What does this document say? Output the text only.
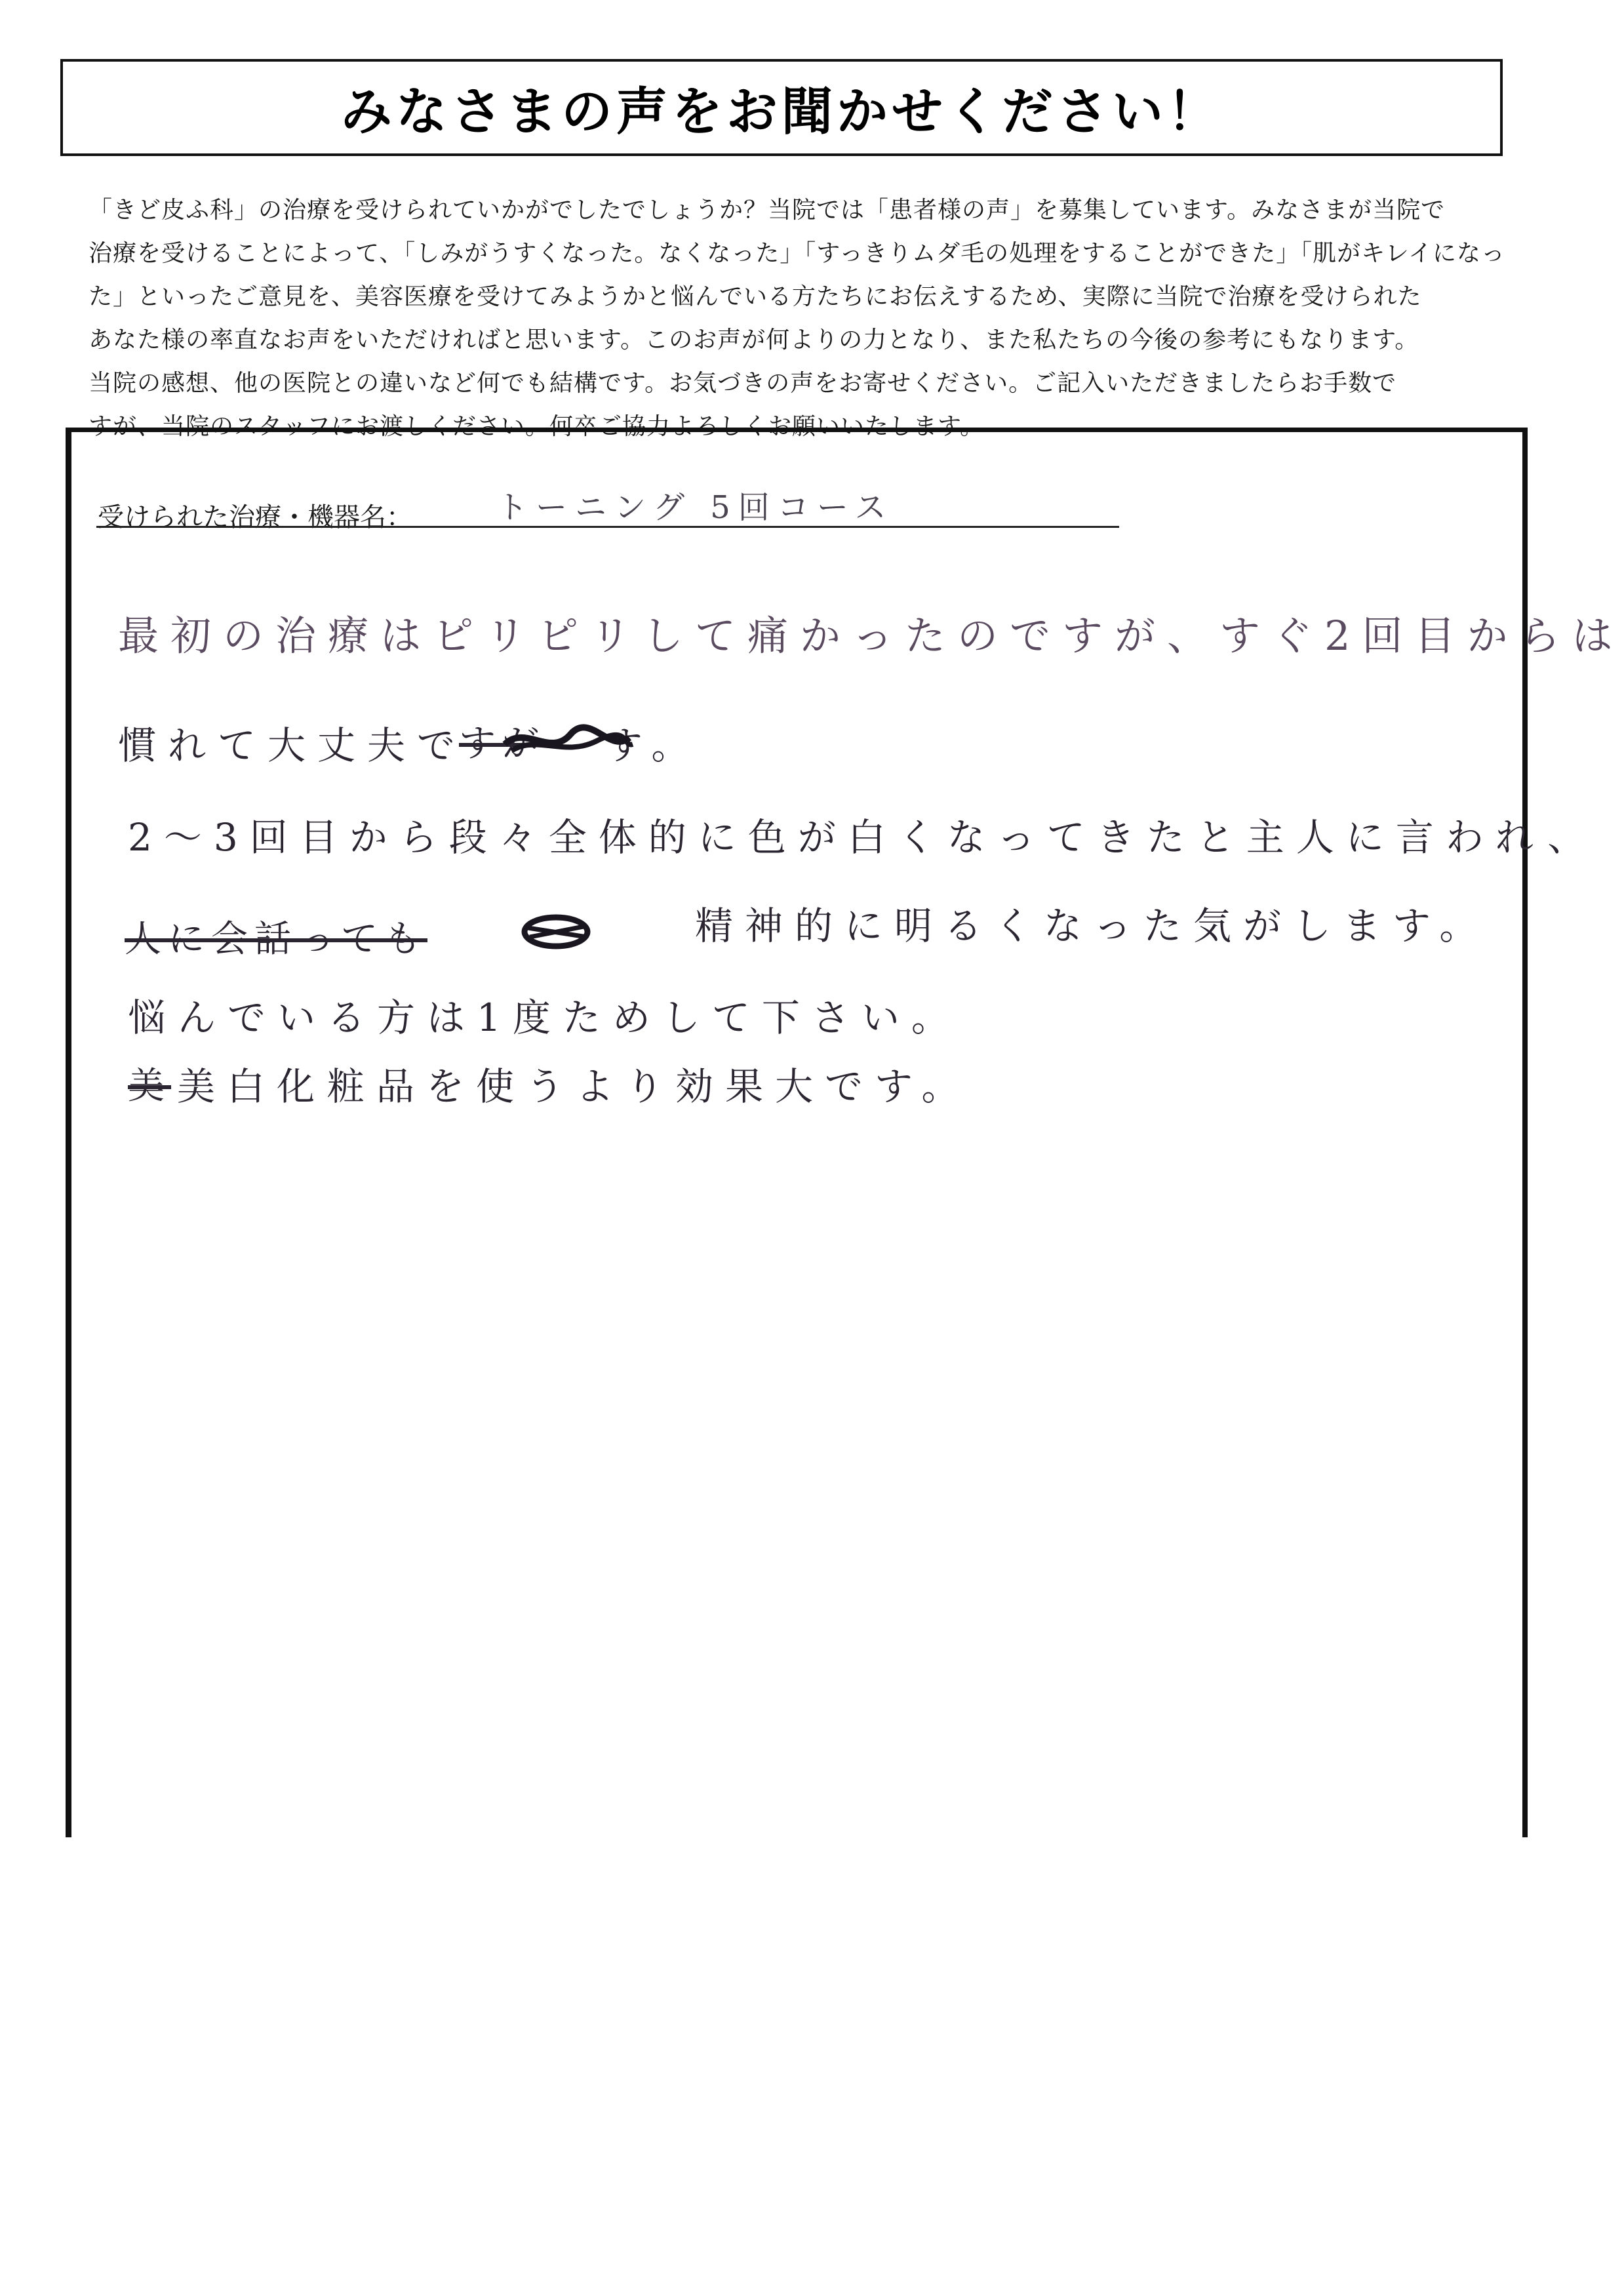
みなさまの声をお聞かせください！
「きど皮ふ科」の治療を受けられていかがでしたでしょうか？当院では「患者様の声」を募集しています。みなさまが当院で
治療を受けることによって、「しみがうすくなった。なくなった」「すっきりムダ毛の処理をすることができた」「肌がキレイになっ
た」といったご意見を、美容医療を受けてみようかと悩んでいる方たちにお伝えするため、実際に当院で治療を受けられた
あなた様の率直なお声をいただければと思います。このお声が何よりの力となり、また私たちの今後の参考にもなります。
当院の感想、他の医院との違いなど何でも結構です。お気づきの声をお寄せください。ご記入いただきましたらお手数で
すが、当院のスタッフにお渡しください。何卒ご協力よろしくお願いいたします。
受けられた治療・機器名：	トーニング 5回コース
最初の治療はピリピリして痛かったのですが、すぐ2回目からは
慣れて大丈夫で	す。
すが
2〜3回目から段々全体的に色が白くなってきたと主人に言われ、
人に会話っても	精神的に明るくなった気がします。
悩んでいる方は1度ためして下さい。
美 美白化粧品を使うより効果大です。
